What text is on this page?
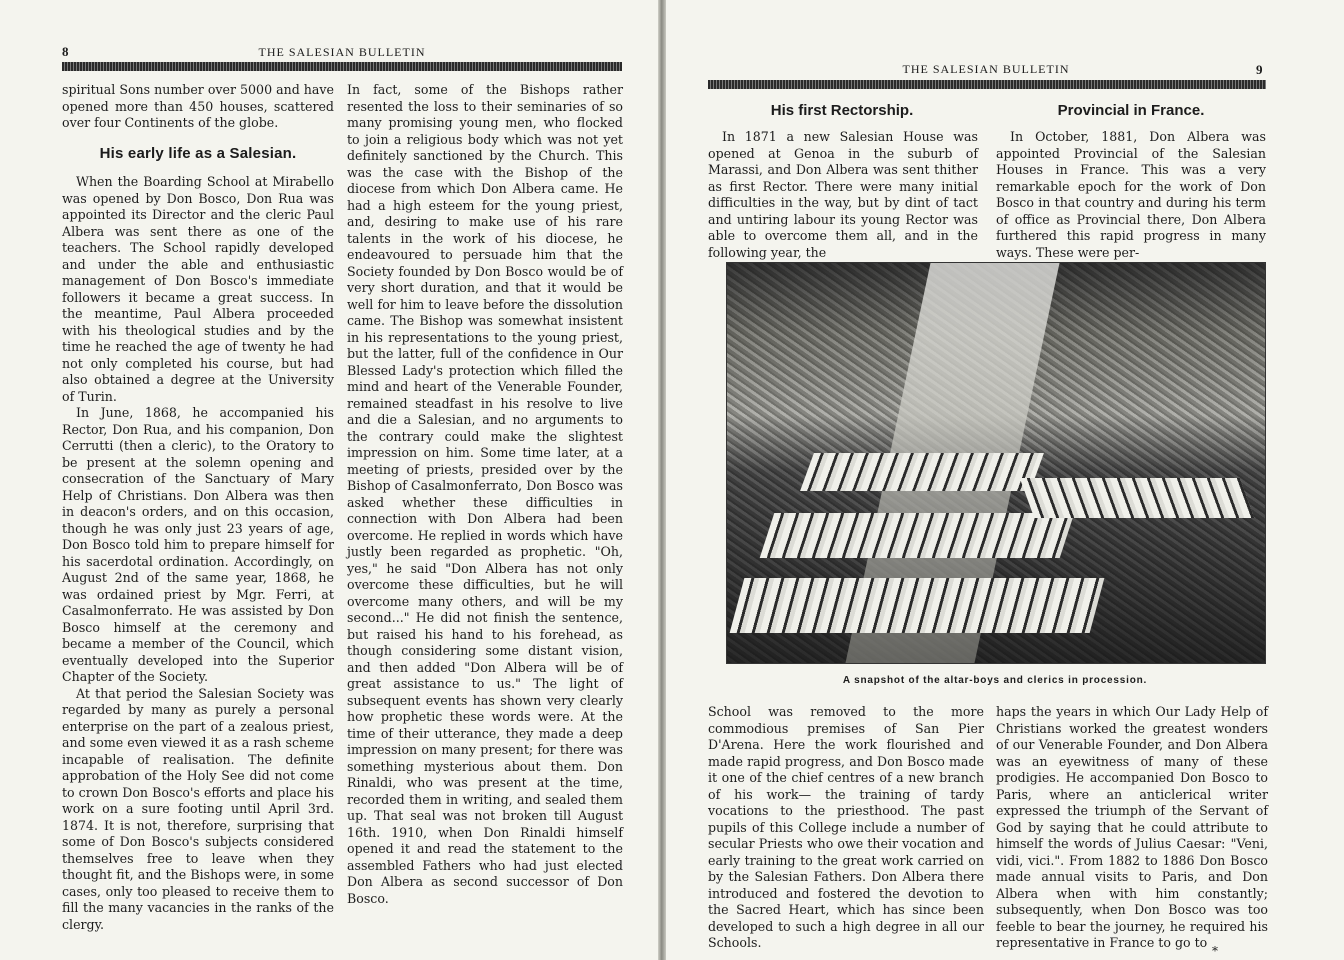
8	THE SALESIAN BULLETIN

spiritual Sons number over 5000 and have opened more than 450 houses, scattered over four Continents of the globe.

His early life as a Salesian.

When the Boarding School at Mirabello was opened by Don Bosco, Don Rua was appointed its Director and the cleric Paul Albera was sent there as one of the teachers. The School rapidly developed and under the able and enthusiastic management of Don Bosco's immediate followers it became a great success. In the meantime, Paul Albera proceeded with his theological studies and by the time he reached the age of twenty he had not only completed his course, but had also obtained a degree at the University of Turin.

In June, 1868, he accompanied his Rector, Don Rua, and his companion, Don Cerrutti (then a cleric), to the Oratory to be present at the solemn opening and consecration of the Sanctuary of Mary Help of Christians. Don Albera was then in deacon's orders, and on this occasion, though he was only just 23 years of age, Don Bosco told him to prepare himself for his sacerdotal ordination. Accordingly, on August 2nd of the same year, 1868, he was ordained priest by Mgr. Ferri, at Casalmonferrato. He was assisted by Don Bosco himself at the ceremony and became a member of the Council, which eventually developed into the Superior Chapter of the Society.

At that period the Salesian Society was regarded by many as purely a personal enterprise on the part of a zealous priest, and some even viewed it as a rash scheme incapable of realisation. The definite approbation of the Holy See did not come to crown Don Bosco's efforts and place his work on a sure footing until April 3rd. 1874. It is not, therefore, surprising that some of Don Bosco's subjects considered themselves free to leave when they thought fit, and the Bishops were, in some cases, only too pleased to receive them to fill the many vacancies in the ranks of the clergy.

In fact, some of the Bishops rather resented the loss to their seminaries of so many promising young men, who flocked to join a religious body which was not yet definitely sanctioned by the Church. This was the case with the Bishop of the diocese from which Don Albera came. He had a high esteem for the young priest, and, desiring to make use of his rare talents in the work of his diocese, he endeavoured to persuade him that the Society founded by Don Bosco would be of very short duration, and that it would be well for him to leave before the dissolution came. The Bishop was somewhat insistent in his representations to the young priest, but the latter, full of the confidence in Our Blessed Lady's protection which filled the mind and heart of the Venerable Founder, remained steadfast in his resolve to live and die a Salesian, and no arguments to the contrary could make the slightest impression on him. Some time later, at a meeting of priests, presided over by the Bishop of Casalmonferrato, Don Bosco was asked whether these difficulties in connection with Don Albera had been overcome. He replied in words which have justly been regarded as prophetic. "Oh, yes," he said "Don Albera has not only overcome these difficulties, but he will overcome many others, and will be my second..." He did not finish the sentence, but raised his hand to his forehead, as though considering some distant vision, and then added "Don Albera will be of great assistance to us." The light of subsequent events has shown very clearly how prophetic these words were. At the time of their utterance, they made a deep impression on many present; for there was something mysterious about them. Don Rinaldi, who was present at the time, recorded them in writing, and sealed them up. That seal was not broken till August 16th. 1910, when Don Rinaldi himself opened it and read the statement to the assembled Fathers who had just elected Don Albera as second successor of Don Bosco.

THE SALESIAN BULLETIN	9
His first Rectorship.	Provincial in France.

In 1871 a new Salesian House was opened at Genoa in the suburb of Marassi, and Don Albera was sent thither as first Rector. There were many initial difficulties in the way, but by dint of tact and untiring labour its young Rector was able to overcome them all, and in the following year, the

In October, 1881, Don Albera was appointed Provincial of the Salesian Houses in France. This was a very remarkable epoch for the work of Don Bosco in that country and during his term of office as Provincial there, Don Albera furthered this rapid progress in many ways. These were per-

A snapshot of the altar-boys and clerics in procession.

School was removed to the more commodious premises of San Pier D'Arena. Here the work flourished and made rapid progress, and Don Bosco made it one of the chief centres of a new branch of his work— the training of tardy vocations to the priesthood. The past pupils of this College include a number of secular Priests who owe their vocation and early training to the great work carried on by the Salesian Fathers. Don Albera there introduced and fostered the devotion to the Sacred Heart, which has since been developed to such a high degree in all our Schools.

haps the years in which Our Lady Help of Christians worked the greatest wonders of our Venerable Founder, and Don Albera was an eyewitness of many of these prodigies. He accompanied Don Bosco to Paris, where an anticlerical writer expressed the triumph of the Servant of God by saying that he could attribute to himself the words of Julius Caesar: "Veni, vidi, vici.". From 1882 to 1886 Don Bosco made annual visits to Paris, and Don Albera when with him constantly; subsequently, when Don Bosco was too feeble to bear the journey, he required his representative in France to go to

*
